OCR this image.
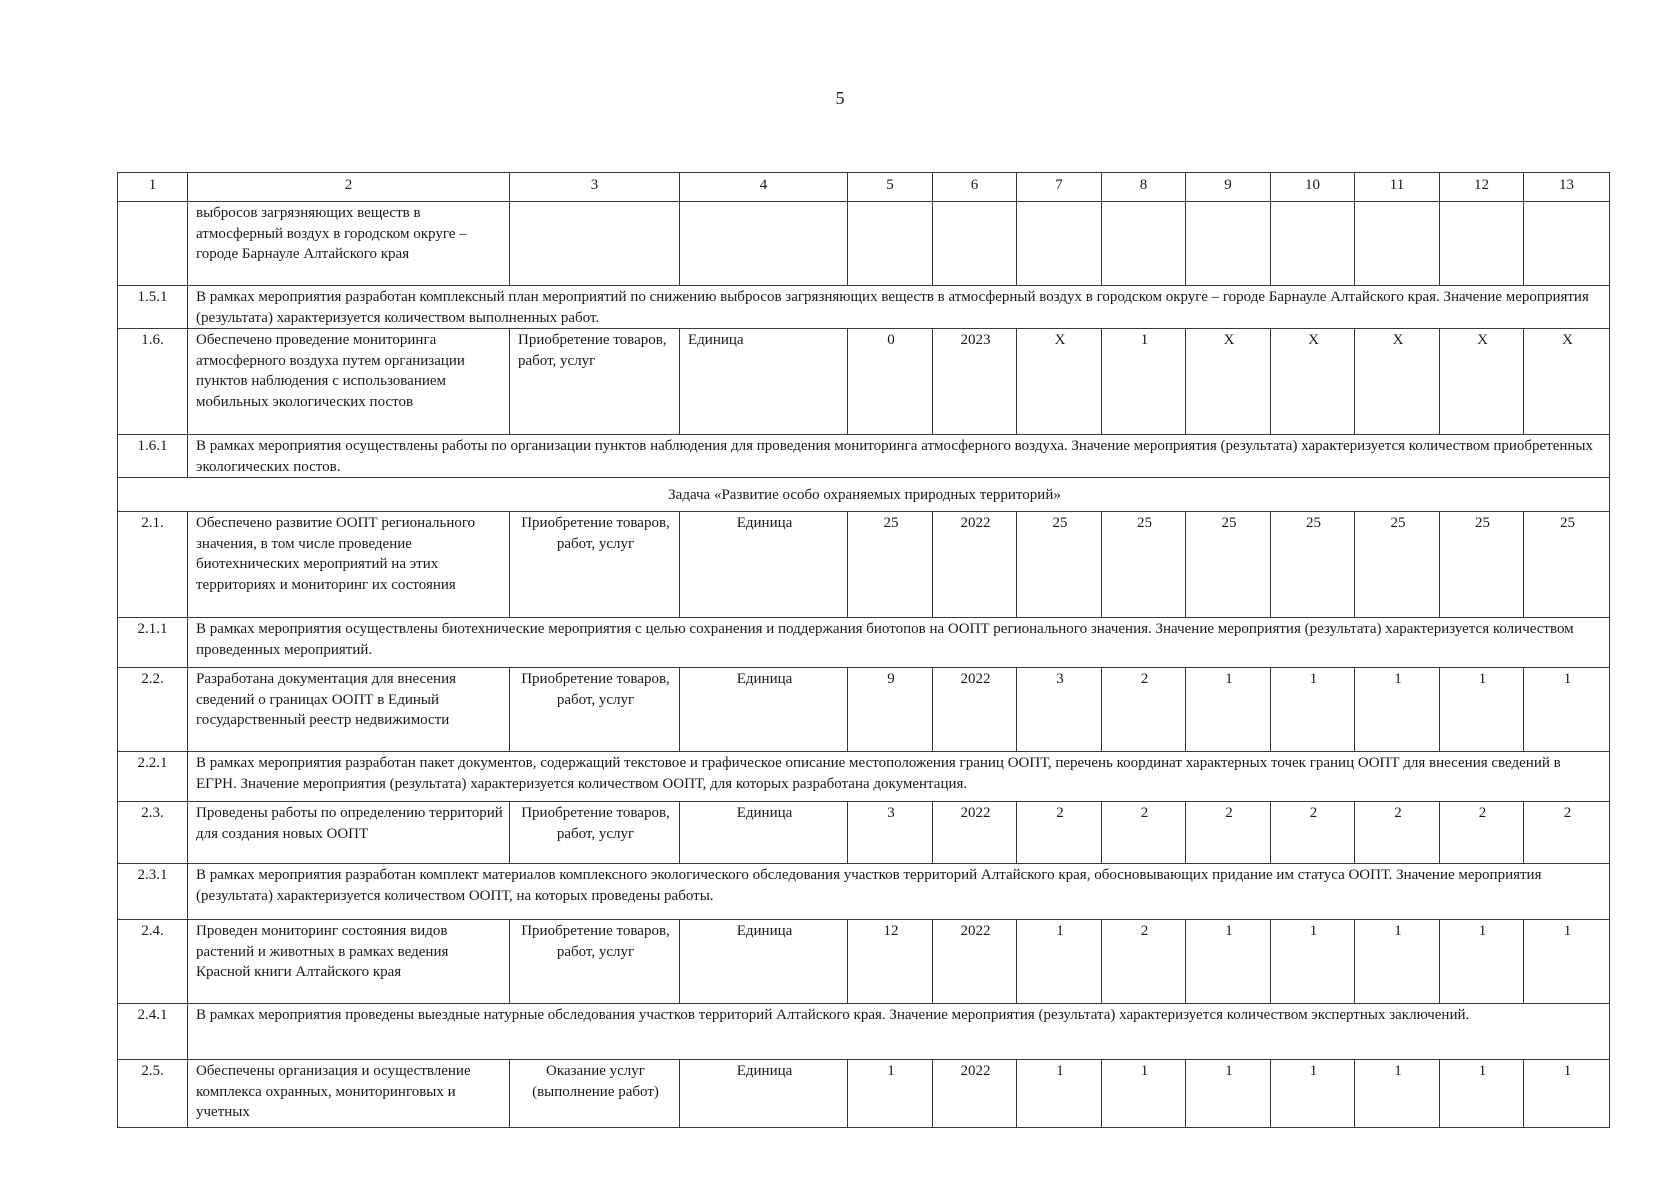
5
1	2	3	4	5	6	7	8	9	10	11	12	13
	выбросов загрязняющих веществ в атмосферный воздух в городском округе – городе Барнауле Алтайского края											
1.5.1	В рамках мероприятия разработан комплексный план мероприятий по снижению выбросов загрязняющих веществ в атмосферный воздух в городском округе – городе Барнауле Алтайского края. Значение мероприятия (результата) характеризуется количеством выполненных работ.											
1.6.	Обеспечено проведение мониторинга атмосферного воздуха путем организации пунктов наблюдения с использованием мобильных экологических постов	Приобретение товаров, работ, услуг	Единица	0	2023	X	1	X	X	X	X	X
1.6.1	В рамках мероприятия осуществлены работы по организации пунктов наблюдения для проведения мониторинга атмосферного воздуха. Значение мероприятия (результата) характеризуется количеством приобретенных экологических постов.											
Задача «Развитие особо охраняемых природных территорий»												
2.1.	Обеспечено развитие ООПТ регионального значения, в том числе проведение биотехнических мероприятий на этих территориях и мониторинг их состояния	Приобретение товаров, работ, услуг	Единица	25	2022	25	25	25	25	25	25	25
2.1.1	В рамках мероприятия осуществлены биотехнические мероприятия с целью сохранения и поддержания биотопов на ООПТ регионального значения. Значение мероприятия (результата) характеризуется количеством проведенных мероприятий.											
2.2.	Разработана документация для внесения сведений о границах ООПТ в Единый государственный реестр недвижимости	Приобретение товаров, работ, услуг	Единица	9	2022	3	2	1	1	1	1	1
2.2.1	В рамках мероприятия разработан пакет документов, содержащий текстовое и графическое описание местоположения границ ООПТ, перечень координат характерных точек границ ООПТ для внесения сведений в ЕГРН. Значение мероприятия (результата) характеризуется количеством ООПТ, для которых разработана документация.											
2.3.	Проведены работы по определению территорий для создания новых ООПТ	Приобретение товаров, работ, услуг	Единица	3	2022	2	2	2	2	2	2	2
2.3.1	В рамках мероприятия разработан комплект материалов комплексного экологического обследования участков территорий Алтайского края, обосновывающих придание им статуса ООПТ. Значение мероприятия (результата) характеризуется количеством ООПТ, на которых проведены работы.											
2.4.	Проведен мониторинг состояния видов растений и животных в рамках ведения Красной книги Алтайского края	Приобретение товаров, работ, услуг	Единица	12	2022	1	2	1	1	1	1	1
2.4.1	В рамках мероприятия проведены выездные натурные обследования участков территорий Алтайского края. Значение мероприятия (результата) характеризуется количеством экспертных заключений.											
2.5.	Обеспечены организация и осуществление комплекса охранных, мониторинговых и учетных	Оказание услуг (выполнение работ)	Единица	1	2022	1	1	1	1	1	1	1
